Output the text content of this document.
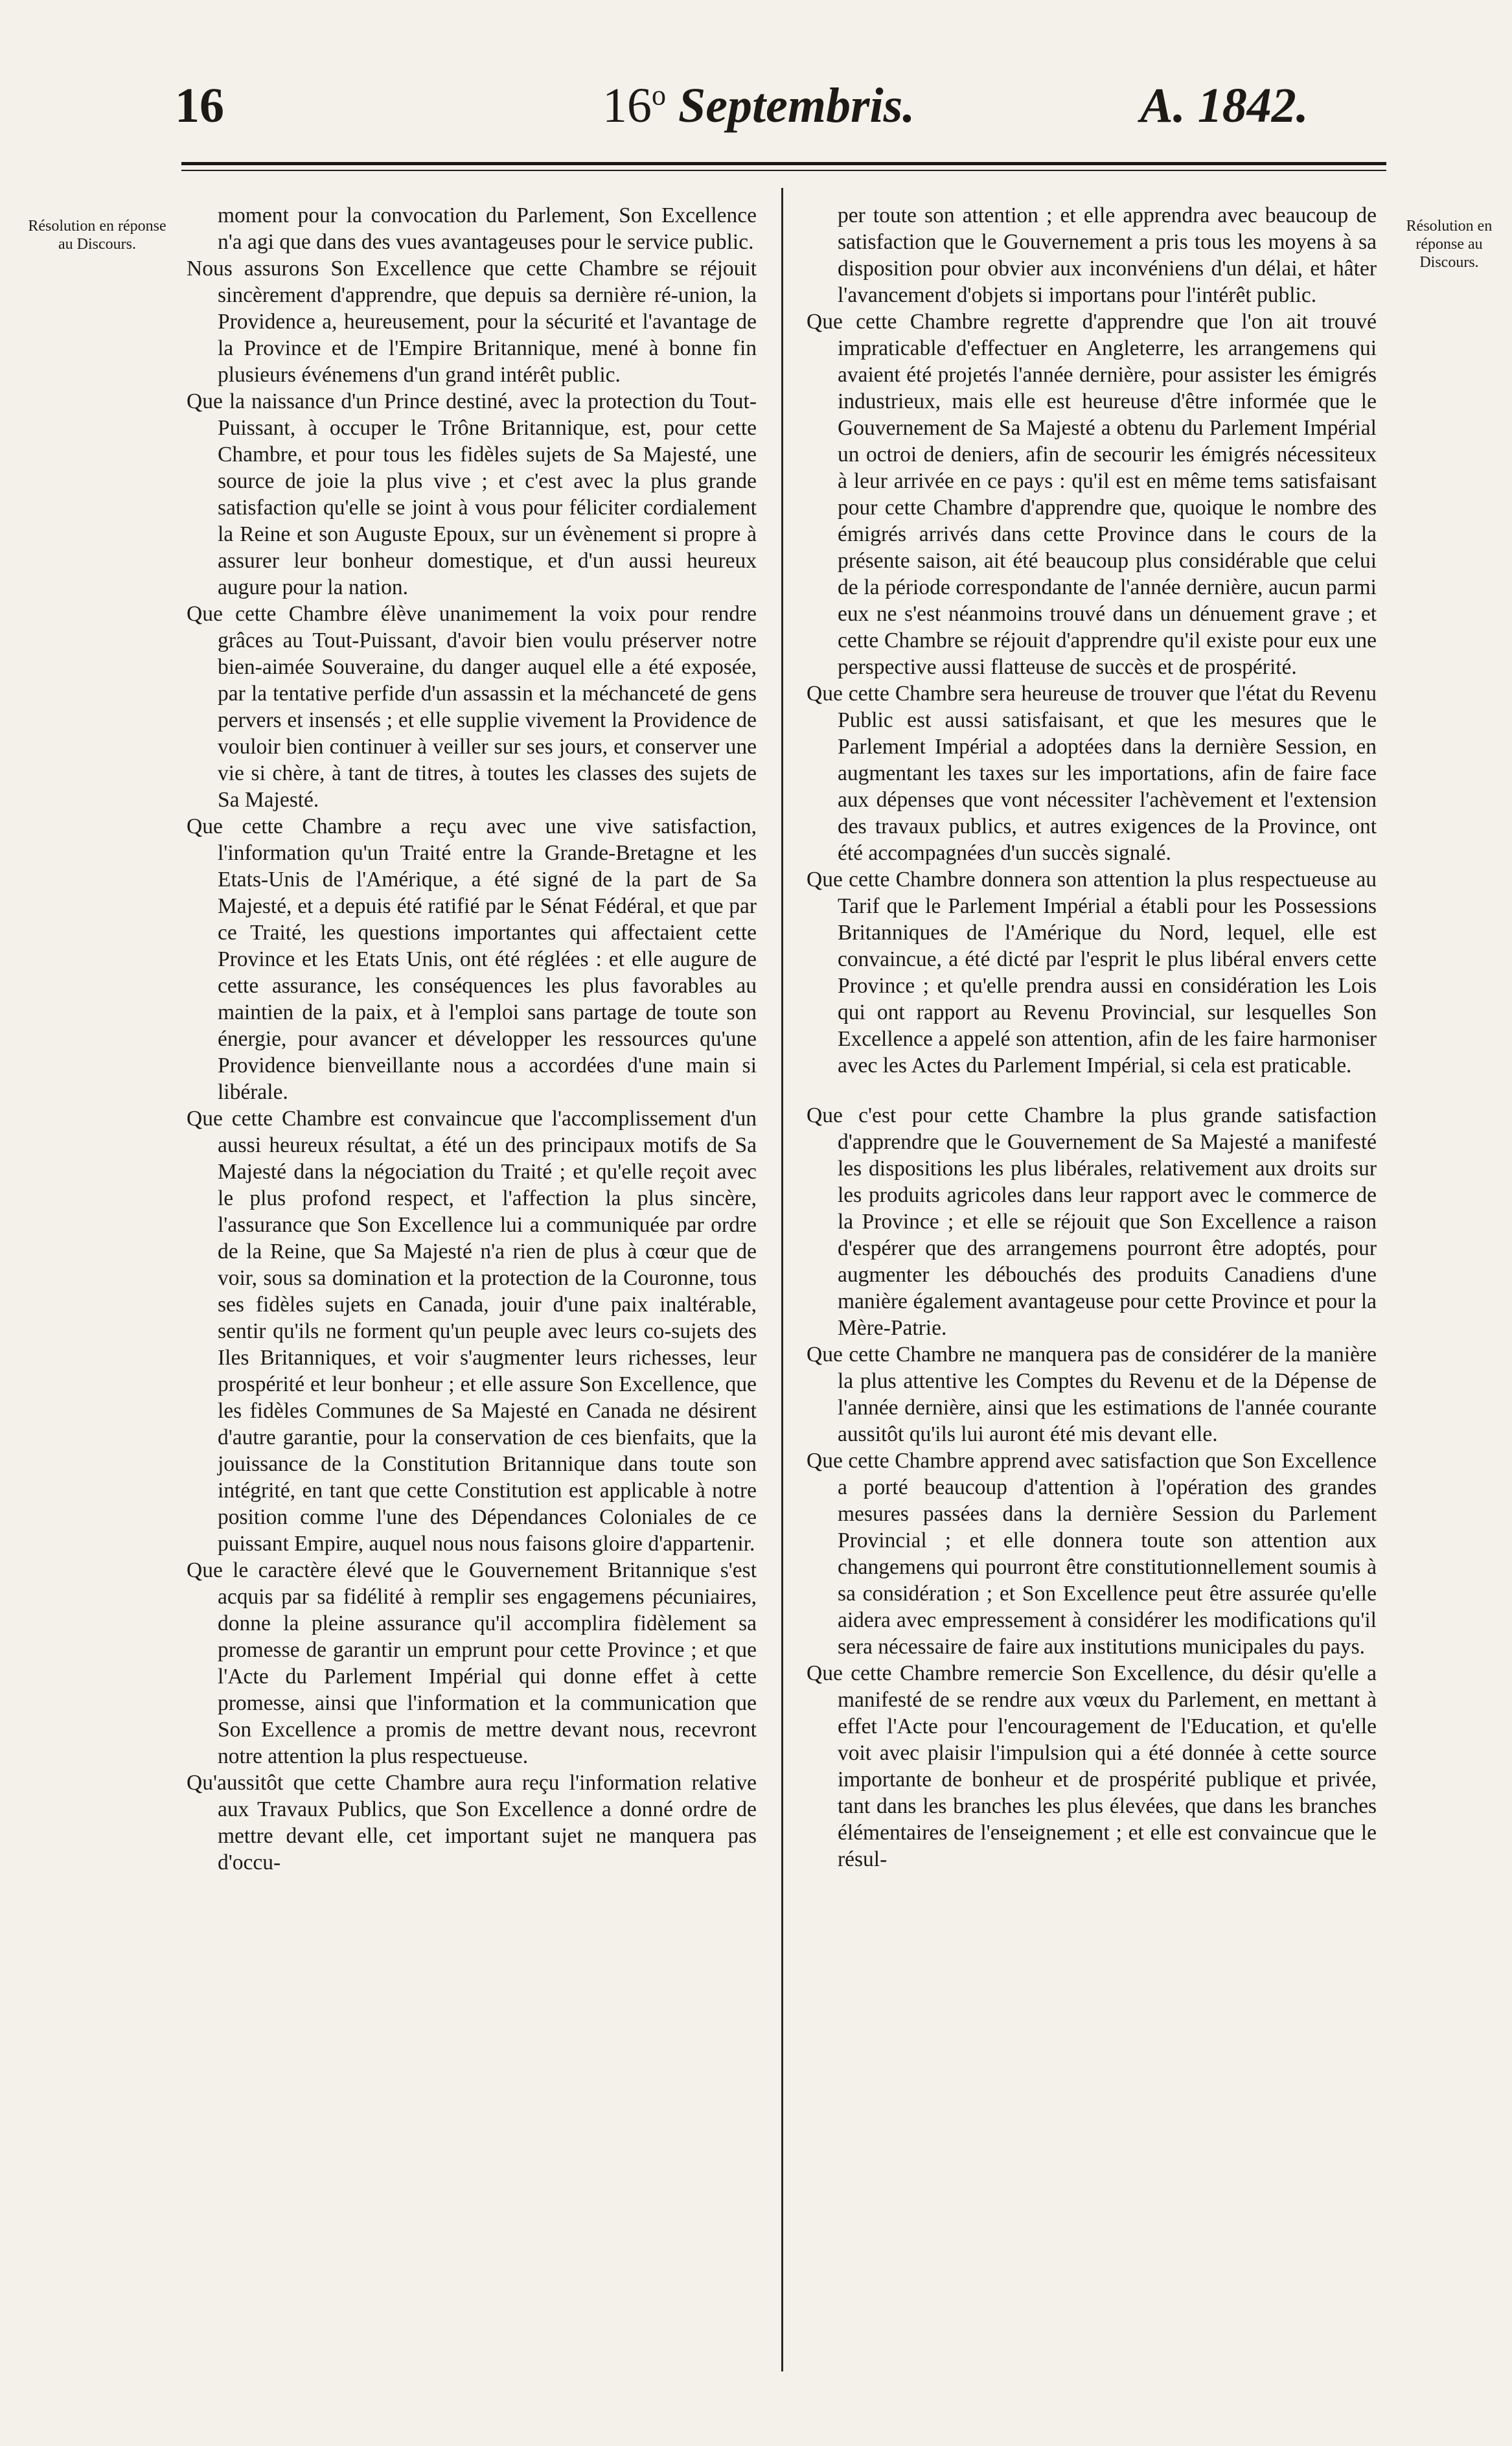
16	16$^o$ Septembris.	A. 1842.
Résolution en réponse au Discours.
Résolution en réponse au Discours.

moment pour la convocation du Parlement, Son Excellence n'a agi que dans des vues avantageuses pour le service public.

Nous assurons Son Excellence que cette Chambre se réjouit sincèrement d'apprendre, que depuis sa dernière ré-union, la Providence a, heureusement, pour la sécurité et l'avantage de la Province et de l'Empire Britannique, mené à bonne fin plusieurs événemens d'un grand intérêt public.

Que la naissance d'un Prince destiné, avec la protection du Tout-Puissant, à occuper le Trône Britannique, est, pour cette Chambre, et pour tous les fidèles sujets de Sa Majesté, une source de joie la plus vive ; et c'est avec la plus grande satisfaction qu'elle se joint à vous pour féliciter cordialement la Reine et son Auguste Epoux, sur un évènement si propre à assurer leur bonheur domestique, et d'un aussi heureux augure pour la nation.

Que cette Chambre élève unanimement la voix pour rendre grâces au Tout-Puissant, d'avoir bien voulu préserver notre bien-aimée Souveraine, du danger auquel elle a été exposée, par la tentative perfide d'un assassin et la méchanceté de gens pervers et insensés ; et elle supplie vivement la Providence de vouloir bien continuer à veiller sur ses jours, et conserver une vie si chère, à tant de titres, à toutes les classes des sujets de Sa Majesté.

Que cette Chambre a reçu avec une vive satisfaction, l'information qu'un Traité entre la Grande-Bretagne et les Etats-Unis de l'Amérique, a été signé de la part de Sa Majesté, et a depuis été ratifié par le Sénat Fédéral, et que par ce Traité, les questions importantes qui affectaient cette Province et les Etats Unis, ont été réglées : et elle augure de cette assurance, les conséquences les plus favorables au maintien de la paix, et à l'emploi sans partage de toute son énergie, pour avancer et développer les ressources qu'une Providence bienveillante nous a accordées d'une main si libérale.

Que cette Chambre est convaincue que l'accomplissement d'un aussi heureux résultat, a été un des principaux motifs de Sa Majesté dans la négociation du Traité ; et qu'elle reçoit avec le plus profond respect, et l'affection la plus sincère, l'assurance que Son Excellence lui a communiquée par ordre de la Reine, que Sa Majesté n'a rien de plus à cœur que de voir, sous sa domination et la protection de la Couronne, tous ses fidèles sujets en Canada, jouir d'une paix inaltérable, sentir qu'ils ne forment qu'un peuple avec leurs co-sujets des Iles Britanniques, et voir s'augmenter leurs richesses, leur prospérité et leur bonheur ; et elle assure Son Excellence, que les fidèles Communes de Sa Majesté en Canada ne désirent d'autre garantie, pour la conservation de ces bienfaits, que la jouissance de la Constitution Britannique dans toute son intégrité, en tant que cette Constitution est applicable à notre position comme l'une des Dépendances Coloniales de ce puissant Empire, auquel nous nous faisons gloire d'appartenir.

Que le caractère élevé que le Gouvernement Britannique s'est acquis par sa fidélité à remplir ses engagemens pécuniaires, donne la pleine assurance qu'il accomplira fidèlement sa promesse de garantir un emprunt pour cette Province ; et que l'Acte du Parlement Impérial qui donne effet à cette promesse, ainsi que l'information et la communication que Son Excellence a promis de mettre devant nous, recevront notre attention la plus respectueuse.

Qu'aussitôt que cette Chambre aura reçu l'information relative aux Travaux Publics, que Son Excellence a donné ordre de mettre devant elle, cet important sujet ne manquera pas d'occu-

per toute son attention ; et elle apprendra avec beaucoup de satisfaction que le Gouvernement a pris tous les moyens à sa disposition pour obvier aux inconvéniens d'un délai, et hâter l'avancement d'objets si importans pour l'intérêt public.

Que cette Chambre regrette d'apprendre que l'on ait trouvé impraticable d'effectuer en Angleterre, les arrangemens qui avaient été projetés l'année dernière, pour assister les émigrés industrieux, mais elle est heureuse d'être informée que le Gouvernement de Sa Majesté a obtenu du Parlement Impérial un octroi de deniers, afin de secourir les émigrés nécessiteux à leur arrivée en ce pays : qu'il est en même tems satisfaisant pour cette Chambre d'apprendre que, quoique le nombre des émigrés arrivés dans cette Province dans le cours de la présente saison, ait été beaucoup plus considérable que celui de la période correspondante de l'année dernière, aucun parmi eux ne s'est néanmoins trouvé dans un dénuement grave ; et cette Chambre se réjouit d'apprendre qu'il existe pour eux une perspective aussi flatteuse de succès et de prospérité.

Que cette Chambre sera heureuse de trouver que l'état du Revenu Public est aussi satisfaisant, et que les mesures que le Parlement Impérial a adoptées dans la dernière Session, en augmentant les taxes sur les importations, afin de faire face aux dépenses que vont nécessiter l'achèvement et l'extension des travaux publics, et autres exigences de la Province, ont été accompagnées d'un succès signalé.

Que cette Chambre donnera son attention la plus respectueuse au Tarif que le Parlement Impérial a établi pour les Possessions Britanniques de l'Amérique du Nord, lequel, elle est convaincue, a été dicté par l'esprit le plus libéral envers cette Province ; et qu'elle prendra aussi en considération les Lois qui ont rapport au Revenu Provincial, sur lesquelles Son Excellence a appelé son attention, afin de les faire harmoniser avec les Actes du Parlement Impérial, si cela est praticable.

Que c'est pour cette Chambre la plus grande satisfaction d'apprendre que le Gouvernement de Sa Majesté a manifesté les dispositions les plus libérales, relativement aux droits sur les produits agricoles dans leur rapport avec le commerce de la Province ; et elle se réjouit que Son Excellence a raison d'espérer que des arrangemens pourront être adoptés, pour augmenter les débouchés des produits Canadiens d'une manière également avantageuse pour cette Province et pour la Mère-Patrie.

Que cette Chambre ne manquera pas de considérer de la manière la plus attentive les Comptes du Revenu et de la Dépense de l'année dernière, ainsi que les estimations de l'année courante aussitôt qu'ils lui auront été mis devant elle.

Que cette Chambre apprend avec satisfaction que Son Excellence a porté beaucoup d'attention à l'opération des grandes mesures passées dans la dernière Session du Parlement Provincial ; et elle donnera toute son attention aux changemens qui pourront être constitutionnellement soumis à sa considération ; et Son Excellence peut être assurée qu'elle aidera avec empressement à considérer les modifications qu'il sera nécessaire de faire aux institutions municipales du pays.

Que cette Chambre remercie Son Excellence, du désir qu'elle a manifesté de se rendre aux vœux du Parlement, en mettant à effet l'Acte pour l'encouragement de l'Education, et qu'elle voit avec plaisir l'impulsion qui a été donnée à cette source importante de bonheur et de prospérité publique et privée, tant dans les branches les plus élevées, que dans les branches élémentaires de l'enseignement ; et elle est convaincue que le résul-
